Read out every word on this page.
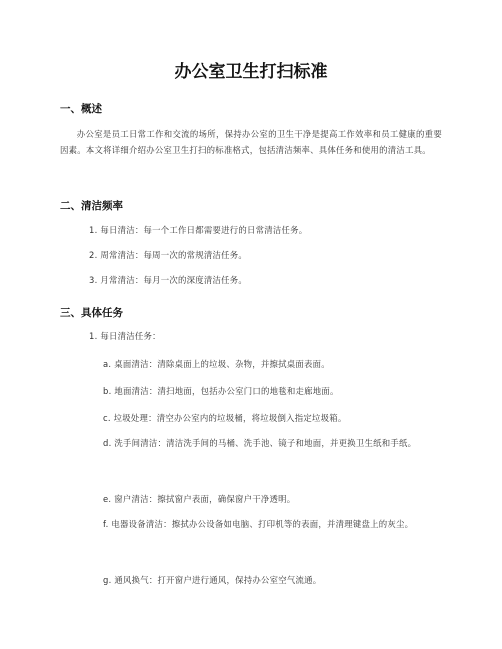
办公室卫生打扫标准
一、概述

办公室是员工日常工作和交流的场所，保持办公室的卫生干净是提高工作效率和员工健康的重要因素。本文将详细介绍办公室卫生打扫的标准格式，包括清洁频率、具体任务和使用的清洁工具。

二、清洁频率

1. 每日清洁：每一个工作日都需要进行的日常清洁任务。

2. 周常清洁：每周一次的常规清洁任务。

3. 月常清洁：每月一次的深度清洁任务。

三、具体任务

1. 每日清洁任务：

a. 桌面清洁：清除桌面上的垃圾、杂物，并擦拭桌面表面。

b. 地面清洁：清扫地面，包括办公室门口的地毯和走廊地面。

c. 垃圾处理：清空办公室内的垃圾桶，将垃圾倒入指定垃圾箱。

d. 洗手间清洁：清洁洗手间的马桶、洗手池、镜子和地面，并更换卫生纸和手纸。

e. 窗户清洁：擦拭窗户表面，确保窗户干净透明。

f. 电器设备清洁：擦拭办公设备如电脑、打印机等的表面，并清理键盘上的灰尘。

g. 通风换气：打开窗户进行通风，保持办公室空气流通。
